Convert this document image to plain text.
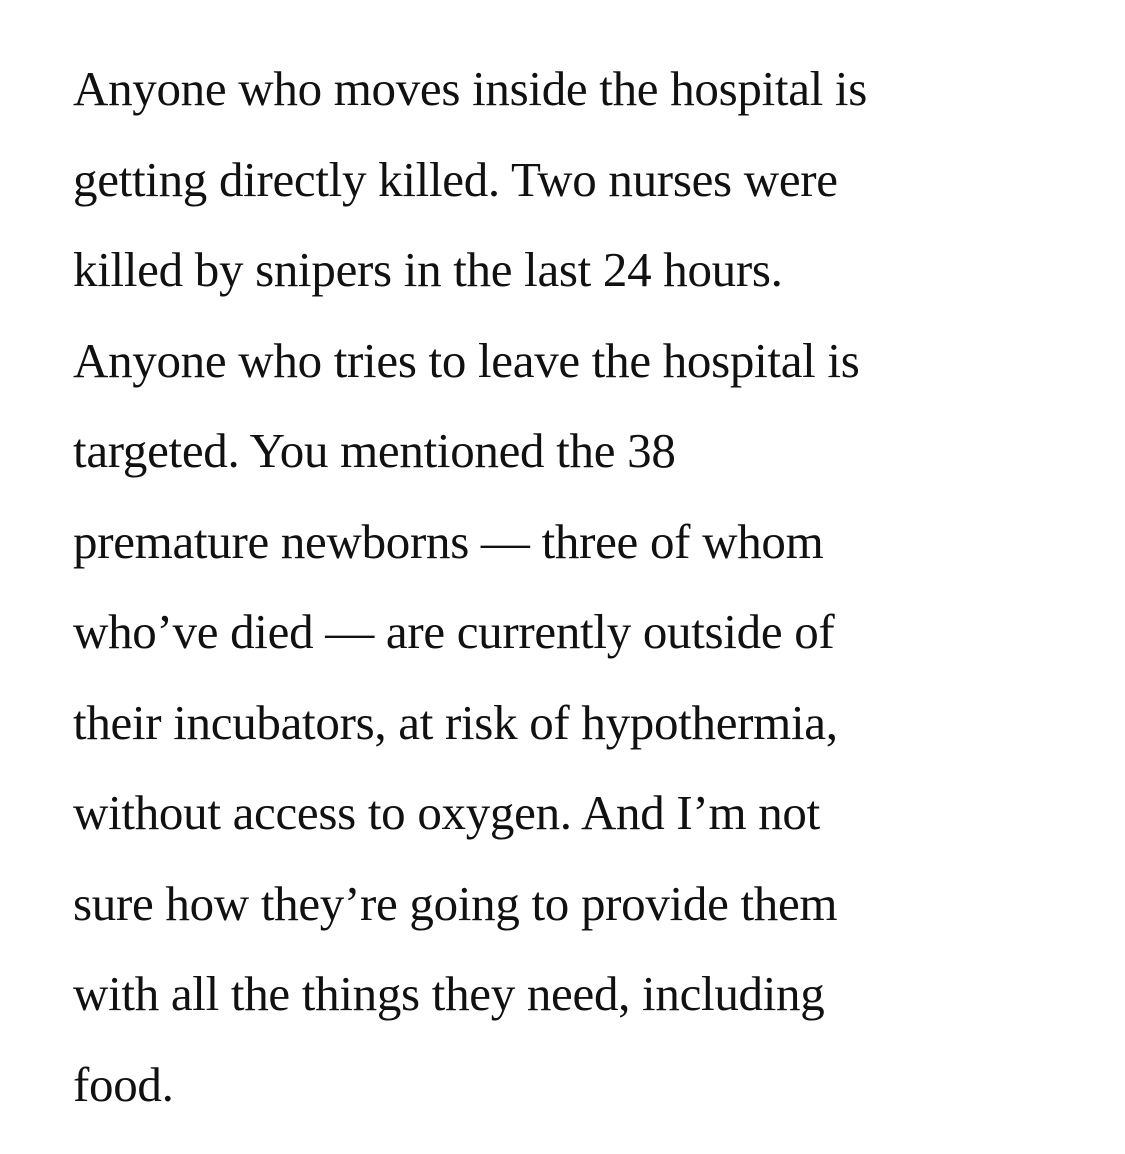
Anyone who moves inside the hospital is
getting directly killed. Two nurses were
killed by snipers in the last 24 hours.
Anyone who tries to leave the hospital is
targeted. You mentioned the 38
premature newborns — three of whom
who’ve died — are currently outside of
their incubators, at risk of hypothermia,
without access to oxygen. And I’m not
sure how they’re going to provide them
with all the things they need, including
food.
